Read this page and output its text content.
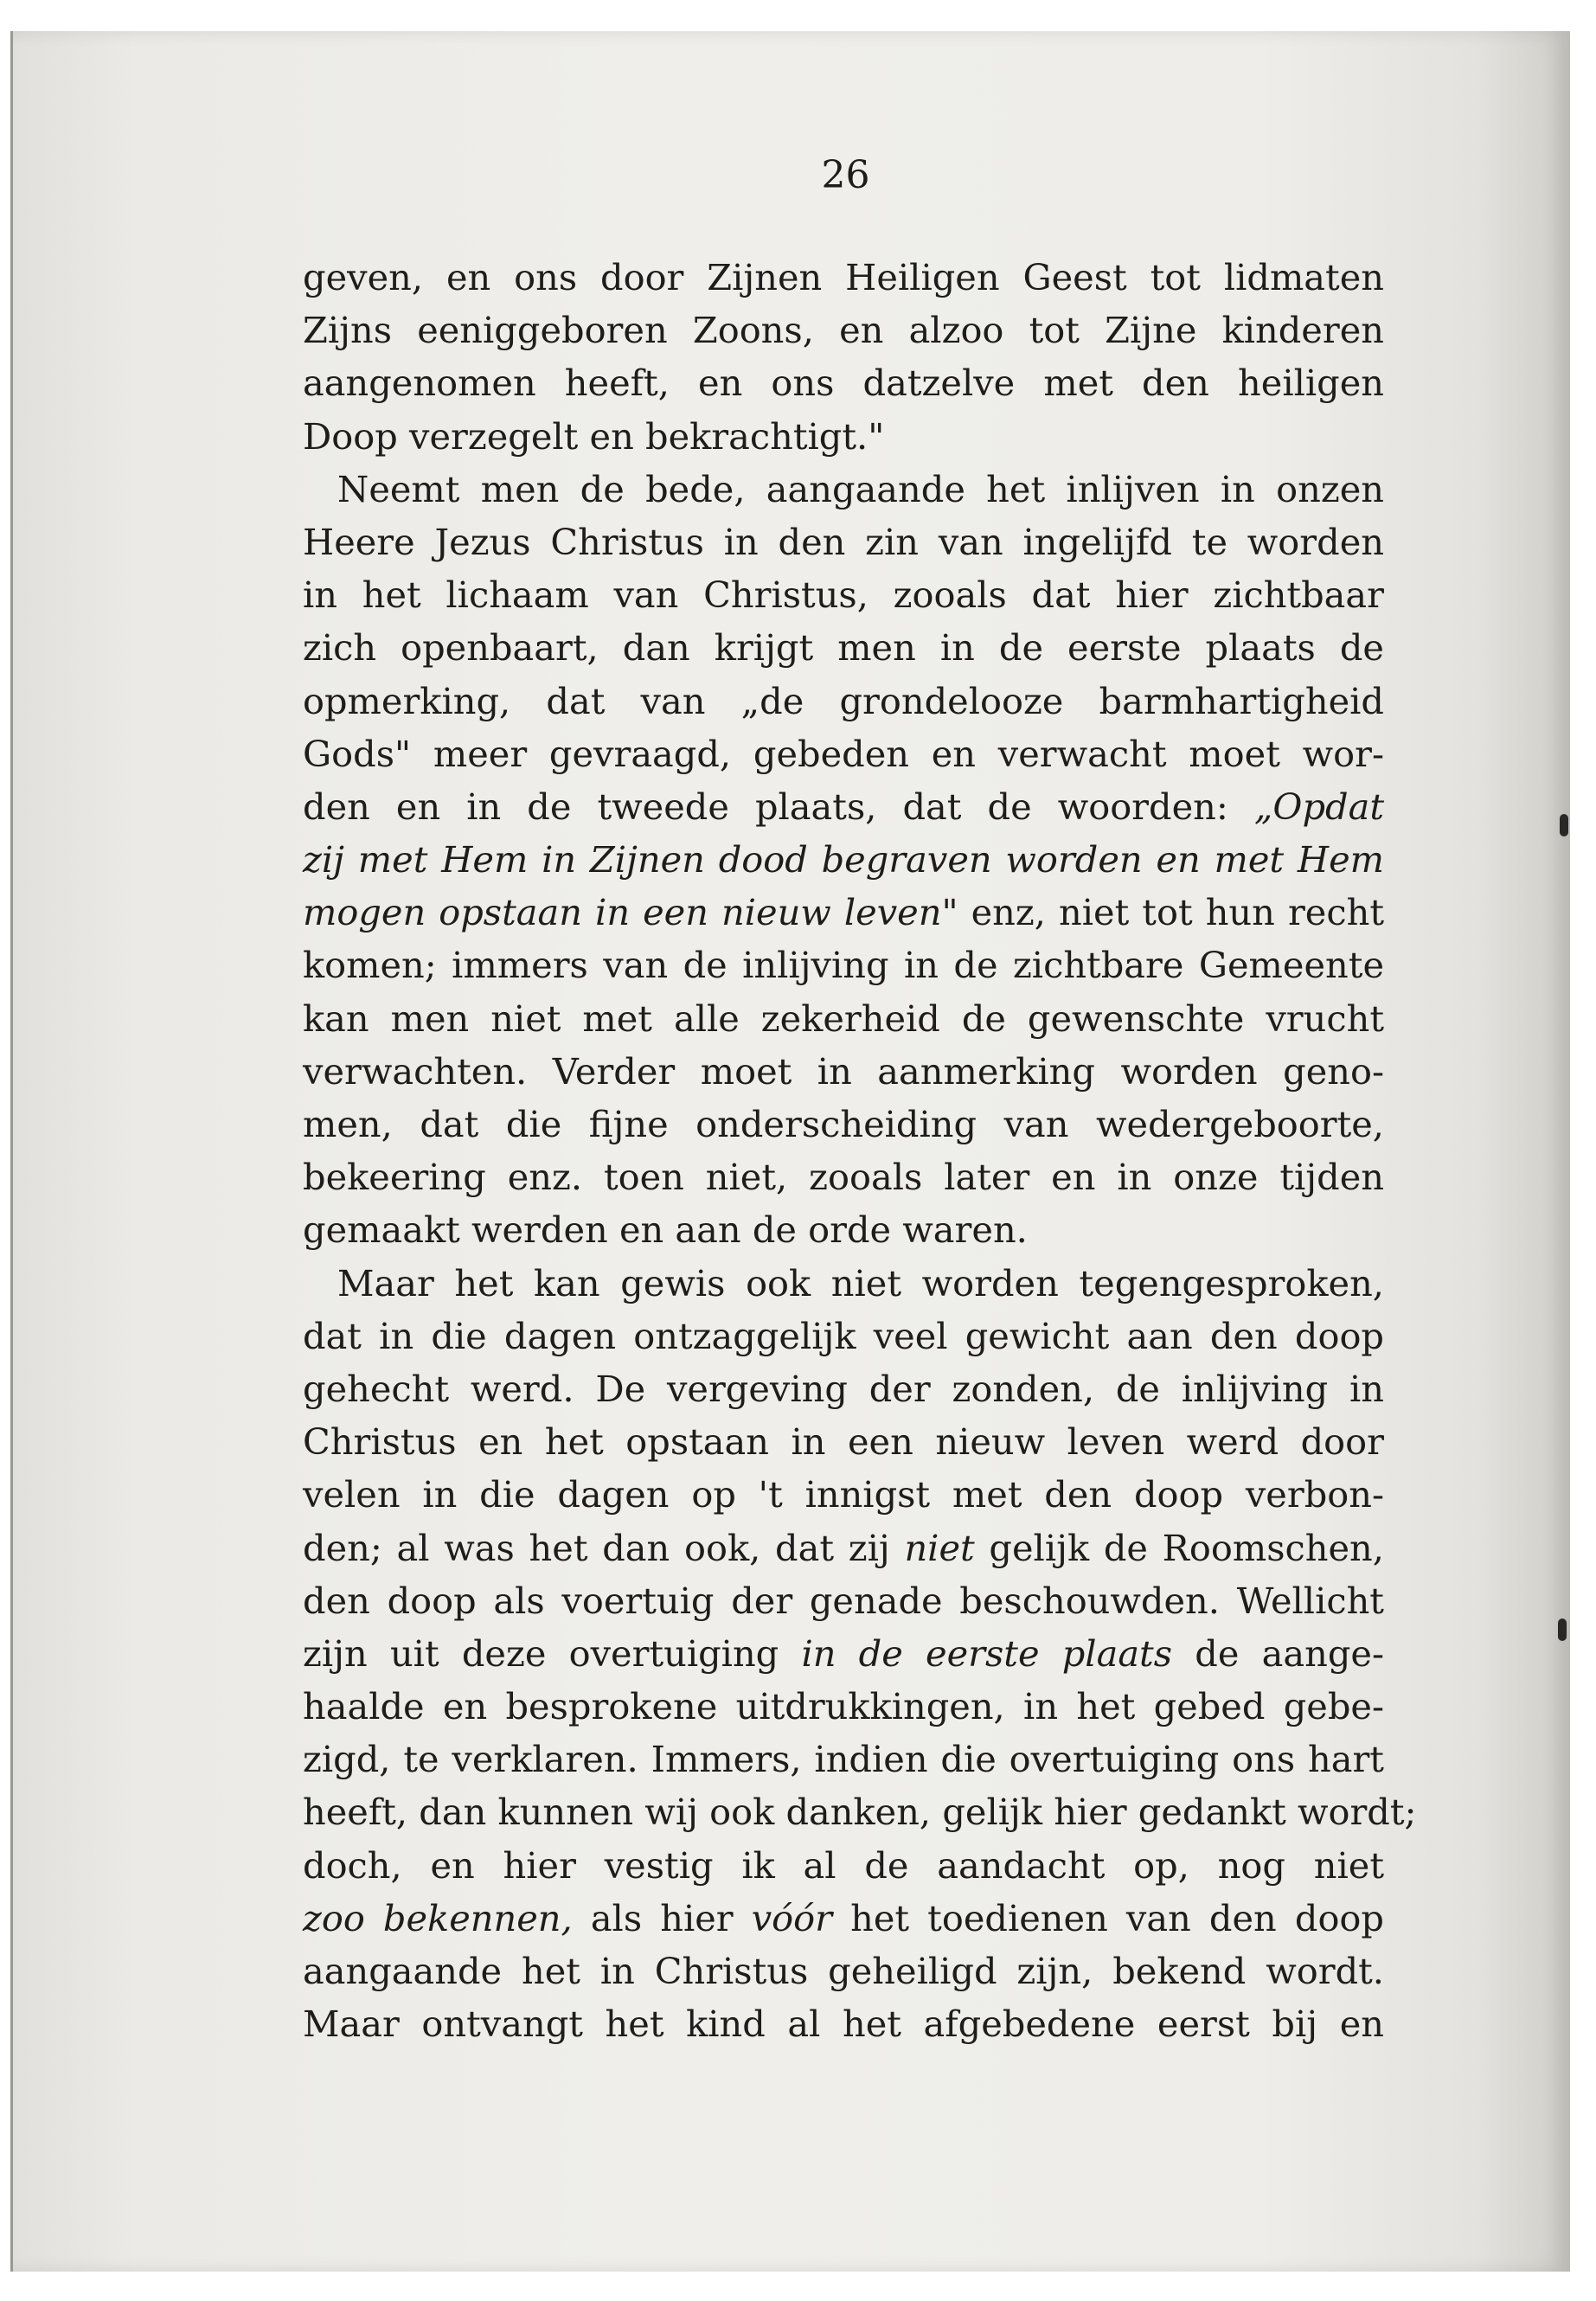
26

geven, en ons door Zijnen Heiligen Geest tot lidmaten
Zijns eeniggeboren Zoons, en alzoo tot Zijne kinderen
aangenomen heeft, en ons datzelve met den heiligen
Doop verzegelt en bekrachtigt."
Neemt men de bede, aangaande het inlijven in onzen
Heere Jezus Christus in den zin van ingelijfd te worden
in het lichaam van Christus, zooals dat hier zichtbaar
zich openbaart, dan krijgt men in de eerste plaats de
opmerking, dat van „de grondelooze barmhartigheid
Gods" meer gevraagd, gebeden en verwacht moet wor-
den en in de tweede plaats, dat de woorden: „Opdat
zij met Hem in Zijnen dood begraven worden en met Hem
mogen opstaan in een nieuw leven" enz, niet tot hun recht
komen; immers van de inlijving in de zichtbare Gemeente
kan men niet met alle zekerheid de gewenschte vrucht
verwachten. Verder moet in aanmerking worden geno-
men, dat die fijne onderscheiding van wedergeboorte,
bekeering enz. toen niet, zooals later en in onze tijden
gemaakt werden en aan de orde waren.
Maar het kan gewis ook niet worden tegengesproken,
dat in die dagen ontzaggelijk veel gewicht aan den doop
gehecht werd. De vergeving der zonden, de inlijving in
Christus en het opstaan in een nieuw leven werd door
velen in die dagen op 't innigst met den doop verbon-
den; al was het dan ook, dat zij niet gelijk de Roomschen,
den doop als voertuig der genade beschouwden. Wellicht
zijn uit deze overtuiging in de eerste plaats de aange-
haalde en besprokene uitdrukkingen, in het gebed gebe-
zigd, te verklaren. Immers, indien die overtuiging ons hart
heeft, dan kunnen wij ook danken, gelijk hier gedankt wordt;
doch, en hier vestig ik al de aandacht op, nog niet
zoo bekennen, als hier vóór het toedienen van den doop
aangaande het in Christus geheiligd zijn, bekend wordt.
Maar ontvangt het kind al het afgebedene eerst bij en
